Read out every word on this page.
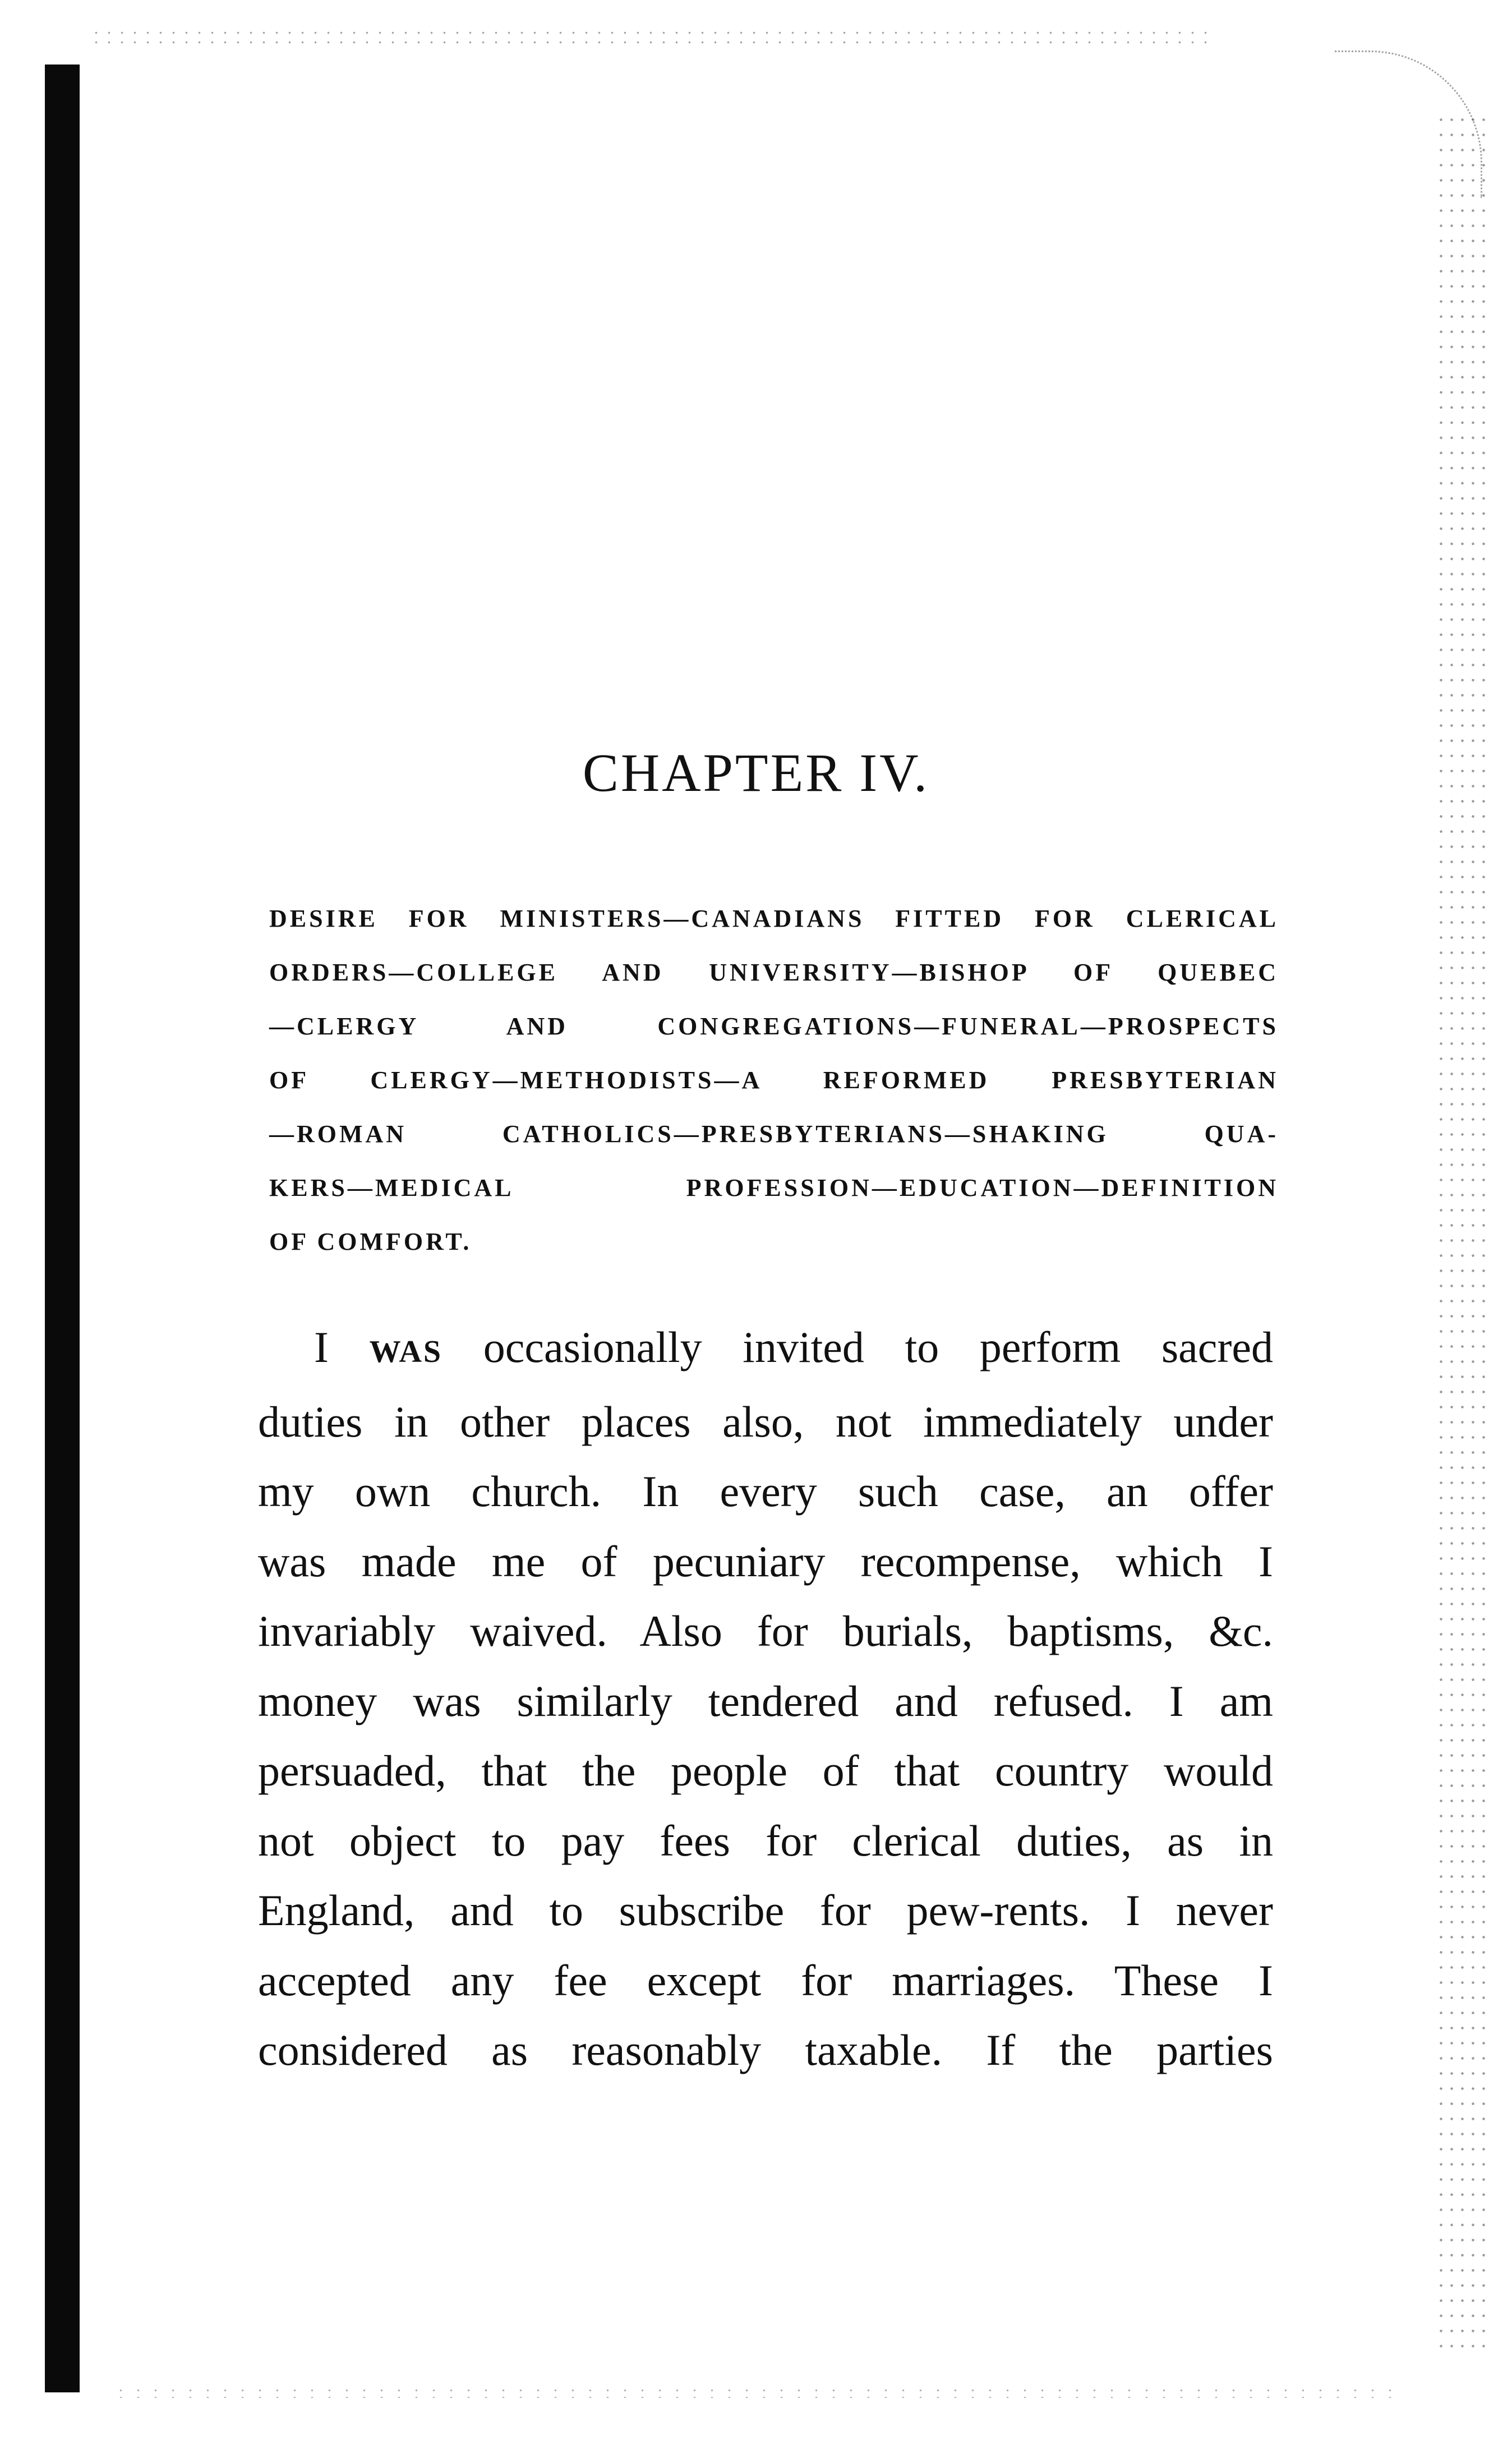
CHAPTER IV.
DESIRE FOR MINISTERS—CANADIANS FITTED FOR CLERICAL
ORDERS—COLLEGE AND UNIVERSITY—BISHOP OF QUEBEC
—CLERGY AND CONGREGATIONS—FUNERAL—PROSPECTS
OF CLERGY—METHODISTS—A REFORMED PRESBYTERIAN
—ROMAN CATHOLICS—PRESBYTERIANS—SHAKING QUA-
KERS—MEDICAL PROFESSION—EDUCATION—DEFINITION
OF COMFORT.
I WAS occasionally invited to perform sacred
duties in other places also, not immediately under
my own church. In every such case, an offer
was made me of pecuniary recompense, which I
invariably waived. Also for burials, baptisms, &c.
money was similarly tendered and refused. I am
persuaded, that the people of that country would
not object to pay fees for clerical duties, as in
England, and to subscribe for pew-rents. I never
accepted any fee except for marriages. These I
considered as reasonably taxable. If the parties
